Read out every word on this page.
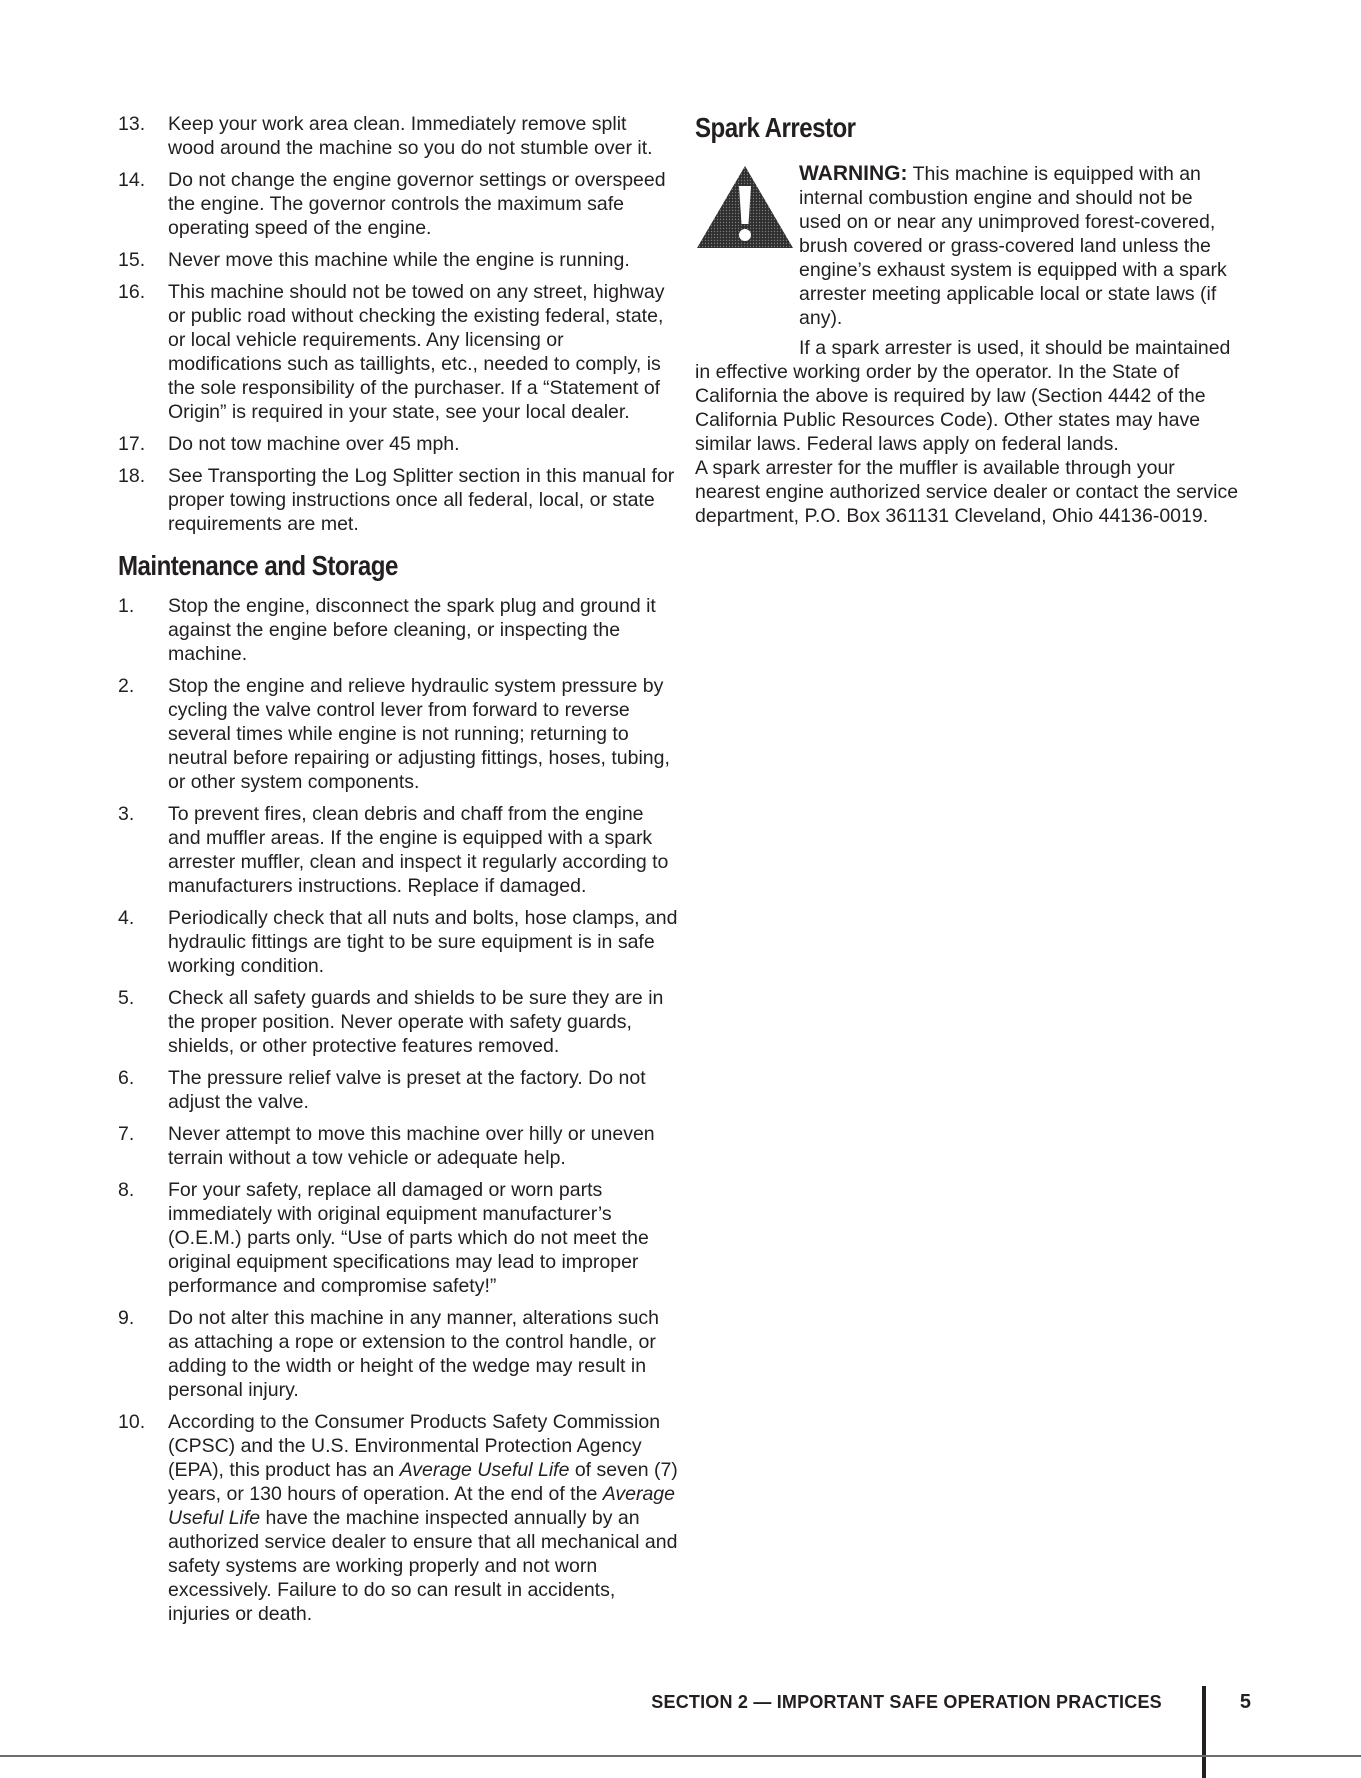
13.	Keep your work area clean. Immediately remove split wood around the machine so you do not stumble over it.
14.	Do not change the engine governor settings or overspeed the engine. The governor controls the maximum safe operating speed of the engine.
15.	Never move this machine while the engine is running.
16.	This machine should not be towed on any street, highway or public road without checking the existing federal, state, or local vehicle requirements. Any licensing or modifications such as taillights, etc., needed to comply, is the sole responsibility of the purchaser. If a “Statement of Origin” is required in your state, see your local dealer.
17.	Do not tow machine over 45 mph.
18.	See Transporting the Log Splitter section in this manual for proper towing instructions once all federal, local, or state requirements are met.
Maintenance and Storage
1.	Stop the engine, disconnect the spark plug and ground it against the engine before cleaning, or inspecting the machine.
2.	Stop the engine and relieve hydraulic system pressure by cycling the valve control lever from forward to reverse several times while engine is not running; returning to neutral before repairing or adjusting fittings, hoses, tubing, or other system components.
3.	To prevent fires, clean debris and chaff from the engine and muffler areas. If the engine is equipped with a spark arrester muffler, clean and inspect it regularly according to manufacturers instructions. Replace if damaged.
4.	Periodically check that all nuts and bolts, hose clamps, and hydraulic fittings are tight to be sure equipment is in safe working condition.
5.	Check all safety guards and shields to be sure they are in the proper position. Never operate with safety guards, shields, or other protective features removed.
6.	The pressure relief valve is preset at the factory. Do not adjust the valve.
7.	Never attempt to move this machine over hilly or uneven terrain without a tow vehicle or adequate help.
8.	For your safety, replace all damaged or worn parts immediately with original equipment manufacturer’s (O.E.M.) parts only. “Use of parts which do not meet the original equipment specifications may lead to improper performance and compromise safety!”
9.	Do not alter this machine in any manner, alterations such as attaching a rope or extension to the control handle, or adding to the width or height of the wedge may result in personal injury.
10.	According to the Consumer Products Safety Commission (CPSC) and the U.S. Environmental Protection Agency (EPA), this product has an Average Useful Life of seven (7) years, or 130 hours of operation. At the end of the Average Useful Life have the machine inspected annually by an authorized service dealer to ensure that all mechanical and safety systems are working properly and not worn excessively. Failure to do so can result in accidents, injuries or death.
Spark Arrestor
WARNING: This machine is equipped with an internal combustion engine and should not be used on or near any unimproved forest-covered, brush covered or grass-covered land unless the engine’s exhaust system is equipped with a spark arrester meeting applicable local or state laws (if any).

If a spark arrester is used, it should be maintained in effective working order by the operator. In the State of California the above is required by law (Section 4442 of the California Public Resources Code). Other states may have similar laws. Federal laws apply on federal lands.

A spark arrester for the muffler is available through your nearest engine authorized service dealer or contact the service department, P.O. Box 361131 Cleveland, Ohio 44136-0019.

SECTION 2 — IMPORTANT SAFE OPERATION PRACTICES	5
